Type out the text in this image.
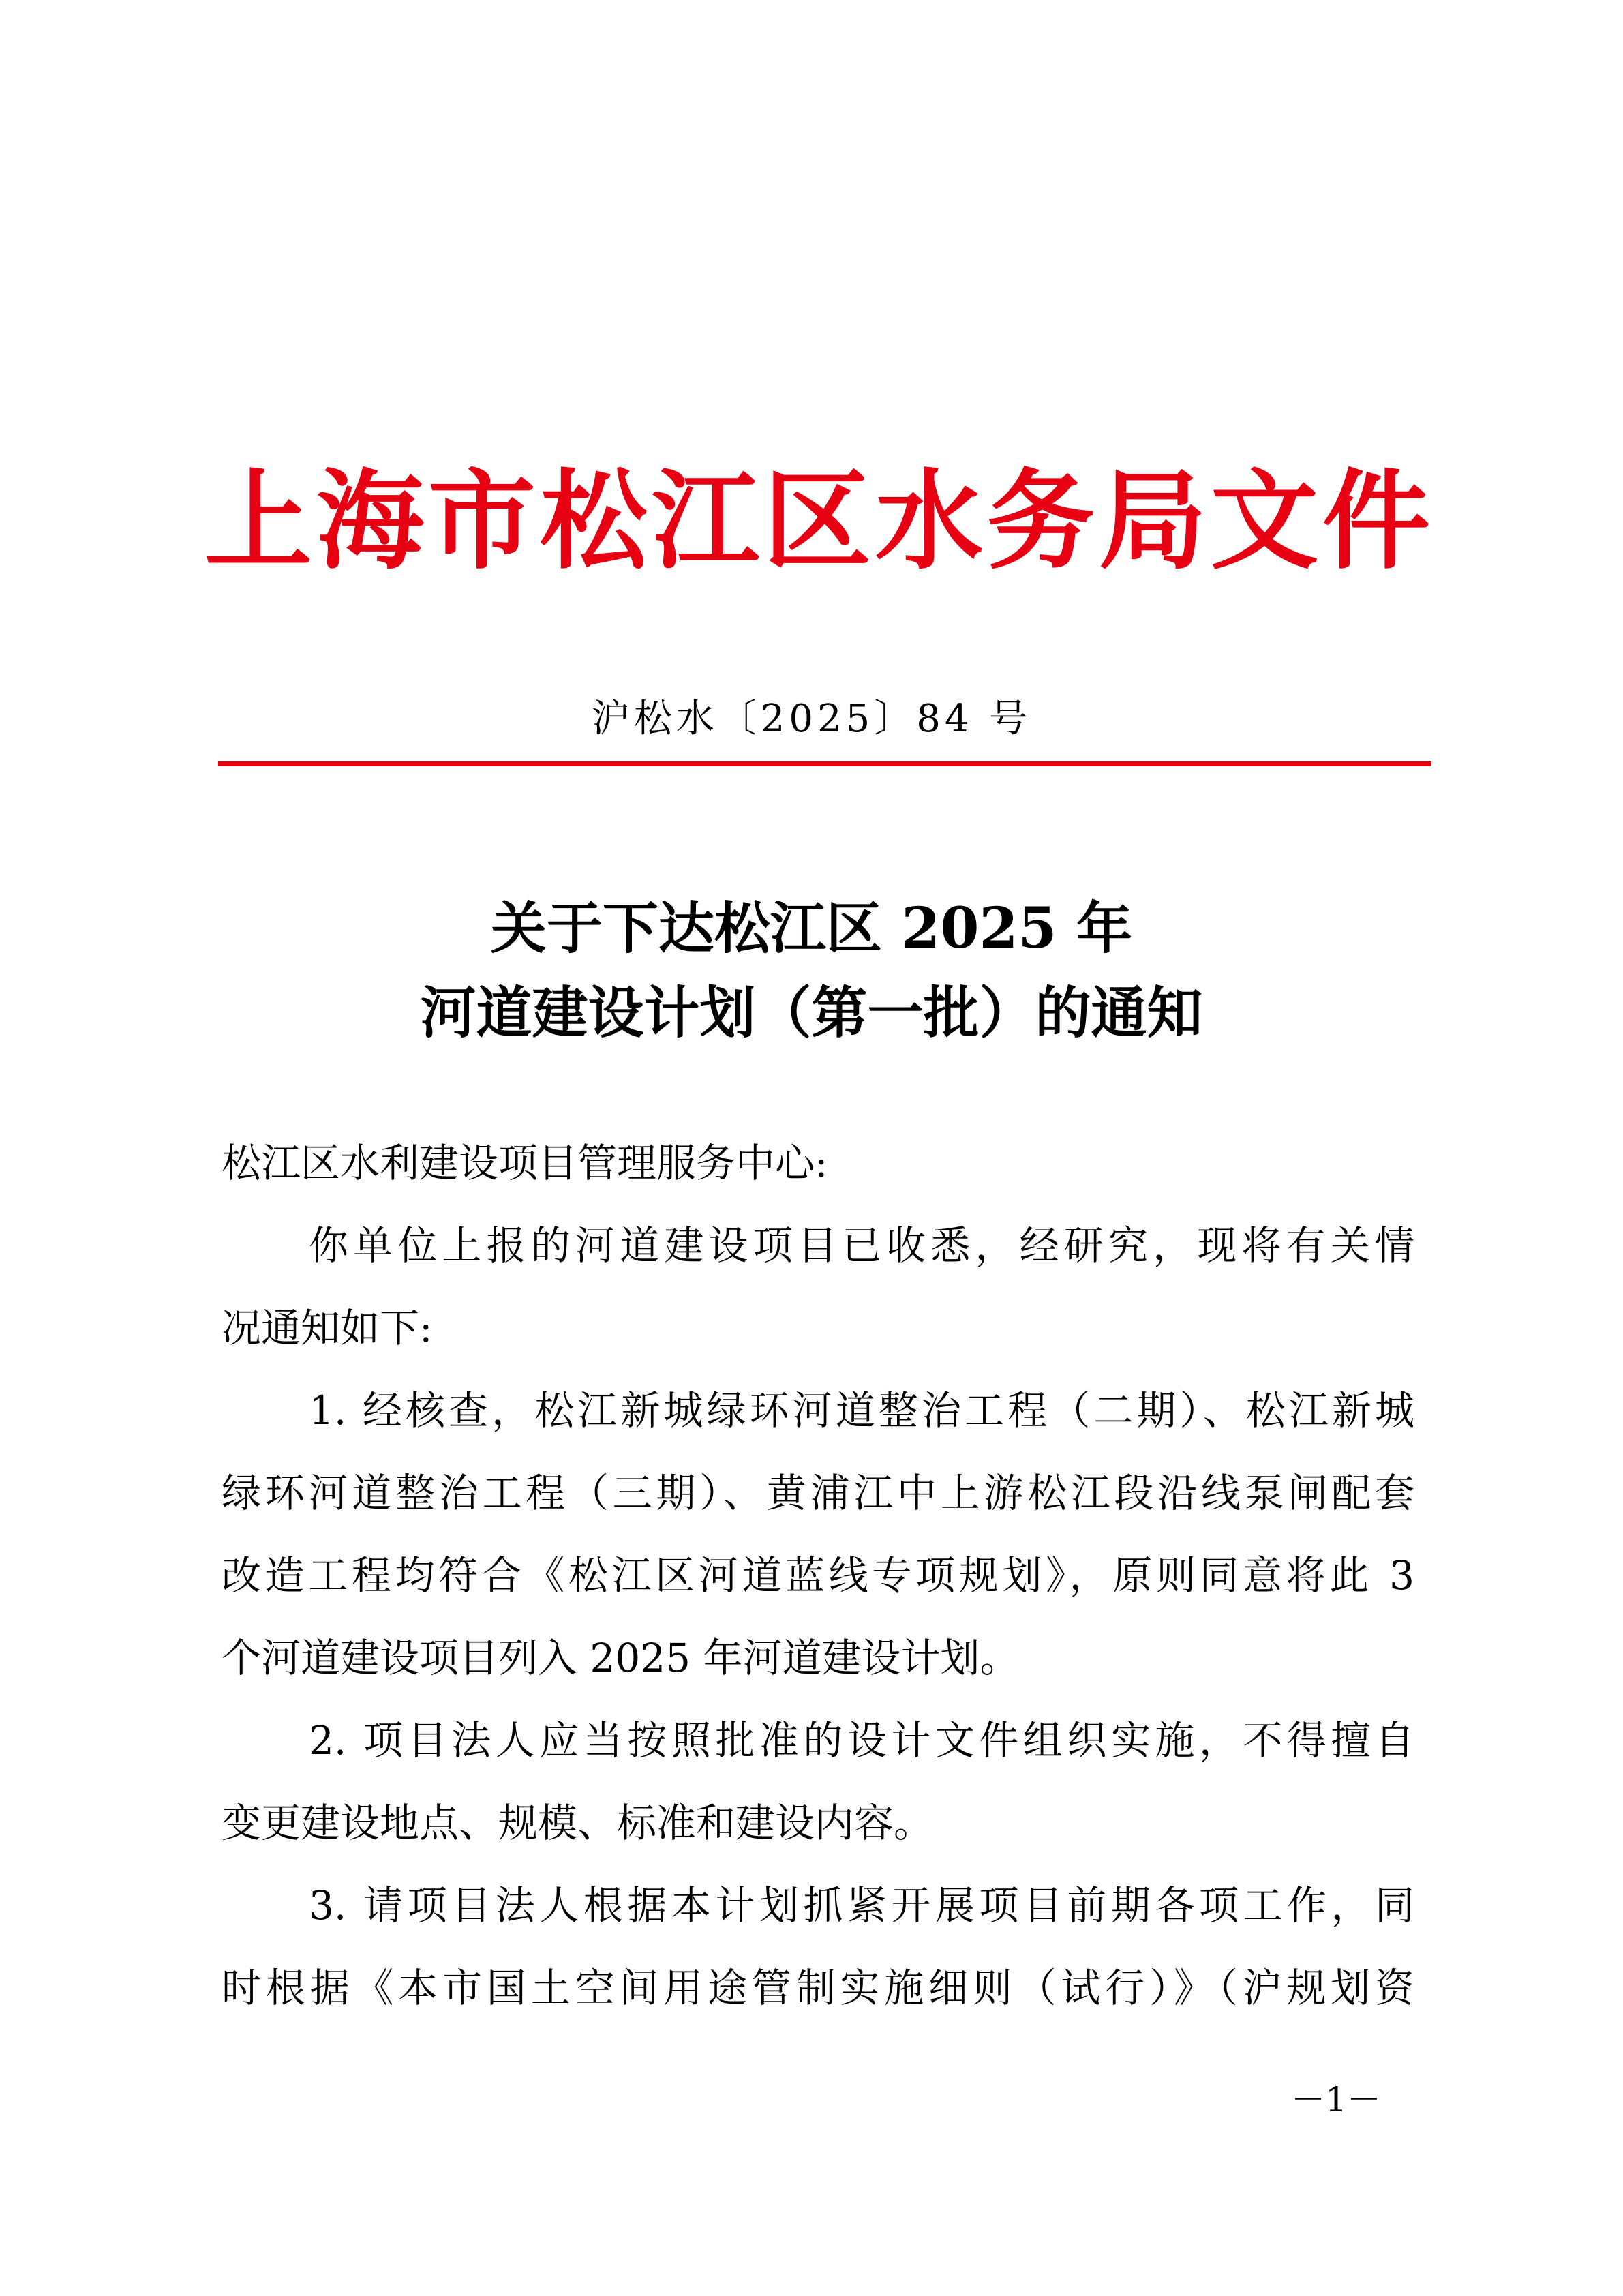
上海市松江区水务局文件
沪松水〔2025〕84 号
关于下达松江区 2025 年
河道建设计划（第一批）的通知
松江区水利建设项目管理服务中心:
你单位上报的河道建设项目已收悉，经研究，现将有关情
况通知如下:
1. 经核查，松江新城绿环河道整治工程（二期）、松江新城
绿环河道整治工程（三期）、黄浦江中上游松江段沿线泵闸配套
改造工程均符合《松江区河道蓝线专项规划》，原则同意将此 3
个河道建设项目列入 2025 年河道建设计划。
2. 项目法人应当按照批准的设计文件组织实施，不得擅自
变更建设地点、规模、标准和建设内容。
3. 请项目法人根据本计划抓紧开展项目前期各项工作，同
时根据《本市国土空间用途管制实施细则（试行）》（沪规划资
－1－
